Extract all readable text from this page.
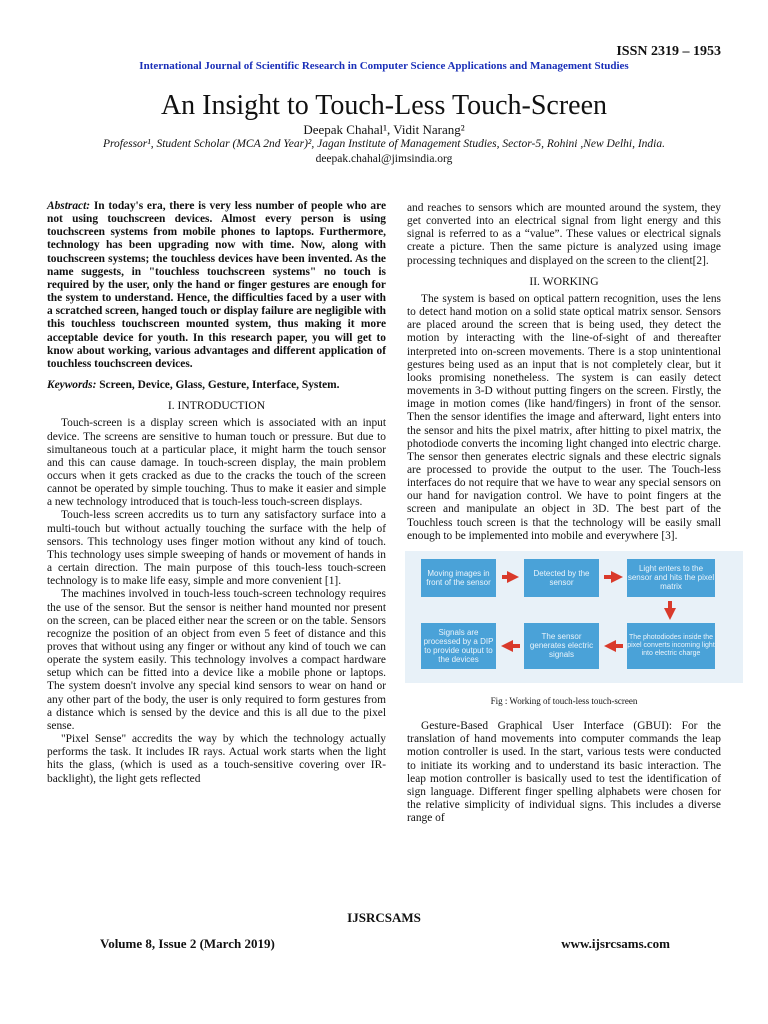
ISSN 2319 – 1953
International Journal of Scientific Research in Computer Science Applications and Management Studies
An Insight to Touch-Less Touch-Screen
Deepak Chahal¹, Vidit Narang²
Professor¹, Student Scholar (MCA 2nd Year)², Jagan Institute of Management Studies, Sector-5, Rohini ,New Delhi, India.
deepak.chahal@jimsindia.org

Abstract: In today's era, there is very less number of people who are not using touchscreen devices. Almost every person is using touchscreen systems from mobile phones to laptops. Furthermore, technology has been upgrading now with time. Now, along with touchscreen systems; the touchless devices have been invented. As the name suggests, in "touchless touchscreen systems" no touch is required by the user, only the hand or finger gestures are enough for the system to understand. Hence, the difficulties faced by a user with a scratched screen, hanged touch or display failure are negligible with this touchless touchscreen mounted system, thus making it more acceptable device for youth. In this research paper, you will get to know about working, various advantages and different application of touchless touchscreen devices.

Keywords: Screen, Device, Glass, Gesture, Interface, System.

I. INTRODUCTION

Touch-screen is a display screen which is associated with an input device. The screens are sensitive to human touch or pressure. But due to simultaneous touch at a particular place, it might harm the touch sensor and this can cause damage. In touch-screen display, the main problem occurs when it gets cracked as due to the cracks the touch of the screen cannot be operated by simple touching. Thus to make it easier and simple a new technology introduced that is touch-less touch-screen displays.

Touch-less screen accredits us to turn any satisfactory surface into a multi-touch but without actually touching the surface with the help of sensors. This technology uses finger motion without any kind of touch. This technology uses simple sweeping of hands or movement of hands in a certain direction. The main purpose of this touch-less touch-screen technology is to make life easy, simple and more convenient [1].

The machines involved in touch-less touch-screen technology requires the use of the sensor. But the sensor is neither hand mounted nor present on the screen, can be placed either near the screen or on the table. Sensors recognize the position of an object from even 5 feet of distance and this proves that without using any finger or without any kind of touch we can operate the system easily. This technology involves a compact hardware setup which can be fitted into a device like a mobile phone or laptops. The system doesn't involve any special kind sensors to wear on hand or any other part of the body, the user is only required to form gestures from a distance which is sensed by the device and this is all due to the pixel sense.

"Pixel Sense" accredits the way by which the technology actually performs the task. It includes IR rays. Actual work starts when the light hits the glass, (which is used as a touch-sensitive covering over IR-backlight), the light gets reflected

and reaches to sensors which are mounted around the system, they get converted into an electrical signal from light energy and this signal is referred to as a “value”. These values or electrical signals create a picture. Then the same picture is analyzed using image processing techniques and displayed on the screen to the client[2].

II. WORKING

The system is based on optical pattern recognition, uses the lens to detect hand motion on a solid state optical matrix sensor. Sensors are placed around the screen that is being used, they detect the motion by interacting with the line-of-sight of and thereafter interpreted into on-screen movements. There is a stop unintentional gestures being used as an input that is not completely clear, but it looks promising nonetheless. The system is can easily detect movements in 3-D without putting fingers on the screen. Firstly, the image in motion comes (like hand/fingers) in front of the sensor. Then the sensor identifies the image and afterward, light enters into the sensor and hits the pixel matrix, after hitting to pixel matrix, the photodiode converts the incoming light changed into electric charge. The sensor then generates electric signals and these electric signals are processed to provide the output to the user. The Touch-less interfaces do not require that we have to wear any special sensors on our hand for navigation control. We have to point fingers at the screen and manipulate an object in 3D. The best part of the Touchless touch screen is that the technology will be easily small enough to be implemented into mobile and everywhere [3].

Moving images in front of the sensor
Detected by the sensor
Light enters to the sensor and hits the pixel matrix
Signals are processed by a DIP to provide output to the devices
The sensor generates electric signals
The photodiodes inside the pixel converts incoming light into electric charge

Fig : Working of touch-less touch-screen

Gesture-Based Graphical User Interface (GBUI): For the translation of hand movements into computer commands the leap motion controller is used. In the start, various tests were conducted to initiate its working and to understand its basic interaction. The leap motion controller is basically used to test the identification of sign language. Different finger spelling alphabets were chosen for the relative simplicity of individual signs. This includes a diverse range of

IJSRCSAMS
Volume 8, Issue 2 (March 2019)	www.ijsrcsams.com
